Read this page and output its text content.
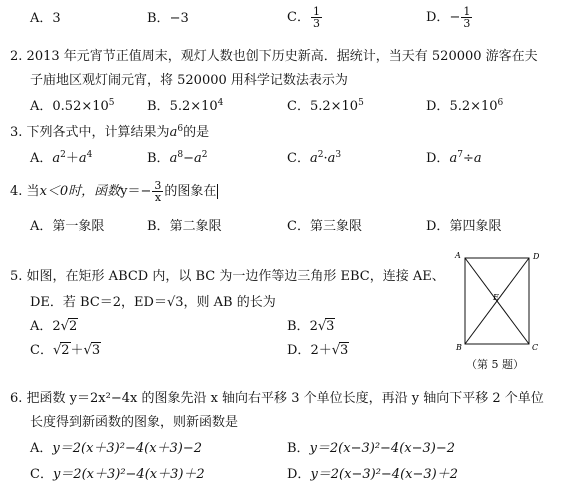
A．3	B．−3	C． $\frac{1}{3}$	D．− $\frac{1}{3}$
2. 2013 年元宵节正值周末，观灯人数也创下历史新高．据统计，当天有 520000 游客在夫
子庙地区观灯闹元宵，将 520000 用科学记数法表示为
A．$0.52\times 10^5$ B．$5.2\times 10^4$	C．$5.2\times 10^5$	D．$5.2\times 10^6$
3. 下列各式中，计算结果为$a^6$的是
A．$a^2+a^4$	B．$a^8-a^2$	C．$a^2\cdot a^3$	D．$a^7\div a$
4. 当x＜0时，函数$y=- \frac{3}{x}$ 的图象在
A．第一象限	B．第二象限	C．第三象限	D．第四象限
5. 如图，在矩形 ABCD 内，以 BC 为一边作等边三角形 EBC，连接 AE、
DE．若 BC＝2，ED＝√3，则 AB 的长为
A．2√2	B．2√3
C．√2＋√3	D．2＋√3
A	D
B	C
E
（第 5 题）
6. 把函数 y＝2x²−4x 的图象先沿 x 轴向右平移 3 个单位长度，再沿 y 轴向下平移 2 个单位
长度得到新函数的图象，则新函数是
A．y＝2(x＋3)²−4(x＋3)−2	B．y＝2(x−3)²−4(x−3)−2
C．y＝2(x＋3)²−4(x＋3)＋2	D．y＝2(x−3)²−4(x−3)＋2
